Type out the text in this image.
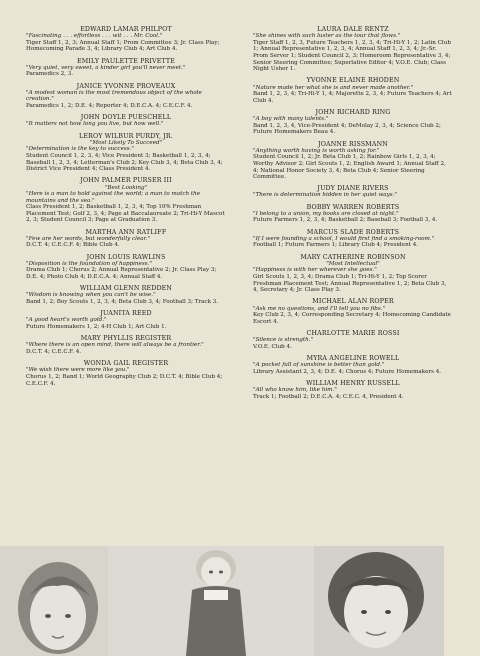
EDWARD LAMAR PHILPOT
"Fascinating . . . effortless . . . wit . . . Mr. Cool."
Tiger Staff 1, 2, 3; Annual Staff 1; Prom Committee 3; Jr. Class Play; Homecoming Parade 3, 4; Library Club 4; Art Club 4.
EMILY PAULETTE PRIVETTE
"Very quiet, very sweet, a kinder girl you'll never meet."
Paramedics 2, 3.
JANICE YVONNE PROVEAUX
"A modest woman is the most tremendous object of the whole creation."
Paramedics 1, 2; D.E. 4; Reporter 4; D.E.C.A. 4; C.E.C.F. 4.
JOHN DOYLE PUESCHELL
"It matters not how long you live, but how well."
LEROY WILBUR PURDY, JR.
"Most Likely To Succeed"
"Determination is the key to success."
Student Council 1, 2, 3, 4; Vice President 3; Basketball 1, 2, 3, 4; Baseball 1, 2, 3, 4; Letterman's Club 2; Key Club 3, 4; Beta Club 3, 4; District Vice President 4; Class President 4.
JOHN PALMER PURSER III
"Best Looking"
"Here is a man to hold against the world; a man to match the mountains and the sea."
Class President 1, 2; Basketball 1, 2, 3, 4; Top 10% Freshman Placement Test; Golf 2, 3, 4; Page at Baccalaureate 2; Tri-Hi-Y Mascot 2, 3; Student Council 3; Page at Graduation 3.
MARTHA ANN RATLIFF
"Few are her words, but wonderfully clear."
D.C.T. 4; C.E.C.F. 4; Bible Club 4.
JOHN LOUIS RAWLINS
"Disposition is the foundation of happiness."
Drama Club 1; Chorus 2; Annual Representative 2; Jr. Class Play 3; D.E. 4; Photo Club 4; D.E.C.A. 4; Annual Staff 4.
WILLIAM GLENN REDDEN
"Wisdom is knowing when you can't be wise."
Band 1, 2; Boy Scouts 1, 2, 3, 4; Beta Club 3, 4; Football 3; Track 3.
JUANITA REED
"A good heart's worth gold."
Future Homemakers 1, 2; 4-H Club 1; Art Club 1.
MARY PHYLLIS REGISTER
"Where there is an open mind, there will always be a frontier."
D.C.T. 4; C.E.C.F. 4.
WONDA GAIL REGISTER
"We wish there were more like you."
Chorus 1, 2; Band 1; World Geography Club 2; D.C.T. 4; Bible Club 4; C.E.C.F. 4.
LAURA DALE RENTZ
"She shines with such luster as the tour that flows."
Tiger Staff 1, 2, 3, Future Teachers 1, 2, 3, 4; Tri-Hi-Y 1, 2; Latin Club 1; Annual Representative 1, 2, 3, 4; Annual Staff 1, 2, 3, 4; Jr.-Sr. Prom Server 1; Student Council 2, 3; Homeroom Representative 3, 4; Senior Steering Committee; Superlative Editor 4; V.O.E. Club; Class Night Usher 1.
YVONNE ELAINE RHODEN
"Nature made her what she is and never made another."
Band 1, 2, 3, 4; Tri-Hi-Y 1, 4; Majorette 2, 3, 4; Future Teachers 4; Art Club 4.
JOHN RICHARD RING
"A boy with many talents."
Band 1, 2, 3, 4, Vice-President 4; DeMolay 2, 3, 4; Science Club 2; Future Homemakers Beau 4.
JOANNE RISSMANN
"Anything worth having is worth asking for."
Student Council 1, 2; Jr. Beta Club 1, 2; Rainbow Girls 1, 2, 3, 4; Worthy Advisor 2; Girl Scouts 1, 2; English Award 1; Annual Staff 2, 4; National Honor Society 3, 4; Beta Club 4; Senior Steering Committee.
JUDY DIANE RIVERS
"There is determination hidden in her quiet ways."
BOBBY WARREN ROBERTS
"I belong to a union, my books are closed at night."
Future Farmers 1, 2, 3, 4; Basketball 2; Baseball 3; Football 3, 4.
MARCUS SLADE ROBERTS
"If I were founding a school, I would first find a smoking-room."
Football 1; Future Farmers 1; Library Club 4; President 4.
MARY CATHERINE ROBINSON
"Most Intellectual"
"Happiness is with her wherever she goes."
Girl Scouts 1, 2, 3, 4; Drama Club 1; Tri-Hi-Y 1, 2; Top Scorer Freshman Placement Test; Annual Representative 1, 2; Beta Club 3, 4, Secretary 4; Jr. Class Play 3.
MICHAEL ALAN ROPER
"Ask me no questions, and I'll tell you no fibs."
Key Club 2, 3, 4; Corresponding Secretary 4; Homecoming Candidate Escort 4.
CHARLOTTE MARIE ROSSI
"Silence is strength."
V.O.E. Club 4.
MYRA ANGELINE ROWELL
"A pocket full of sunshine is better than gold."
Library Assistant 2, 3, 4; D.E. 4; Chorus 4; Future Homemakers 4.
WILLIAM HENRY RUSSELL
"All who know him, like him."
Track 1; Football 2; D.E.C.A. 4; C.E.C. 4, President 4.
